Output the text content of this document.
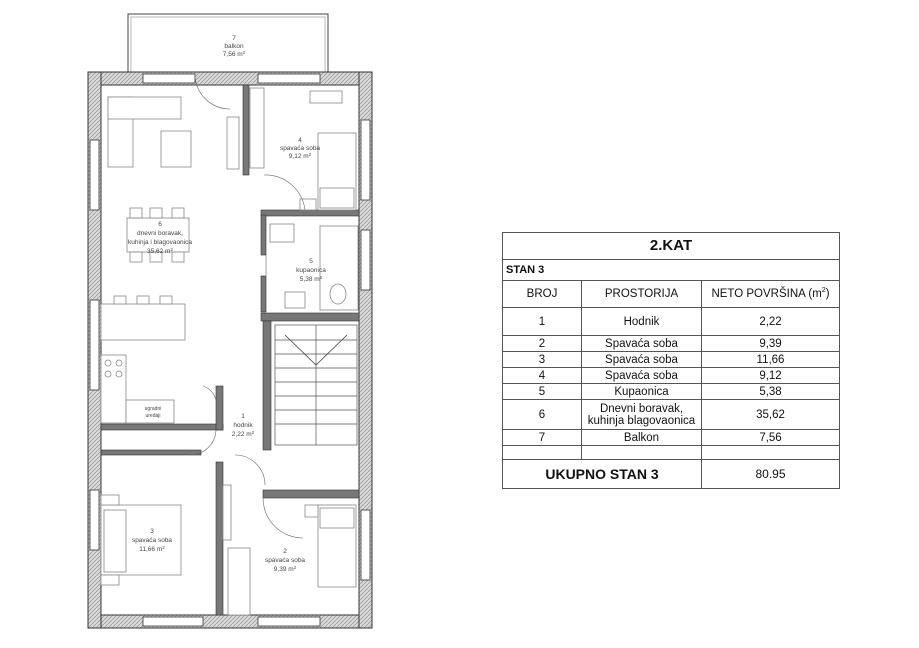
ugradni
uređaji
7
balkon
7,56 $m^2$
4
spavaća soba
9,12 $m^2$
6
dnevni boravak,
kuhinja i blagovaonica
35,62 $m^2$
5
kupaonica
5,38 $m^2$
1
hodnik
2,22 $m^2$
3
spavaća soba
11,66 $m^2$
2
spavaća soba
9,39 $m^2$
2.KAT		
STAN 3		
BROJ	PROSTORIJA	NETO POVRŠINA $(m^2)$
1	Hodnik	2,22
2	Spavaća soba	9,39
3	Spavaća soba	11,66
4	Spavaća soba	9,12
5	Kupaonica	5,38
6	Dnevni boravak, kuhinja blagovaonica	35,62
7	Balkon	7,56

UKUPNO STAN 3		80.95
